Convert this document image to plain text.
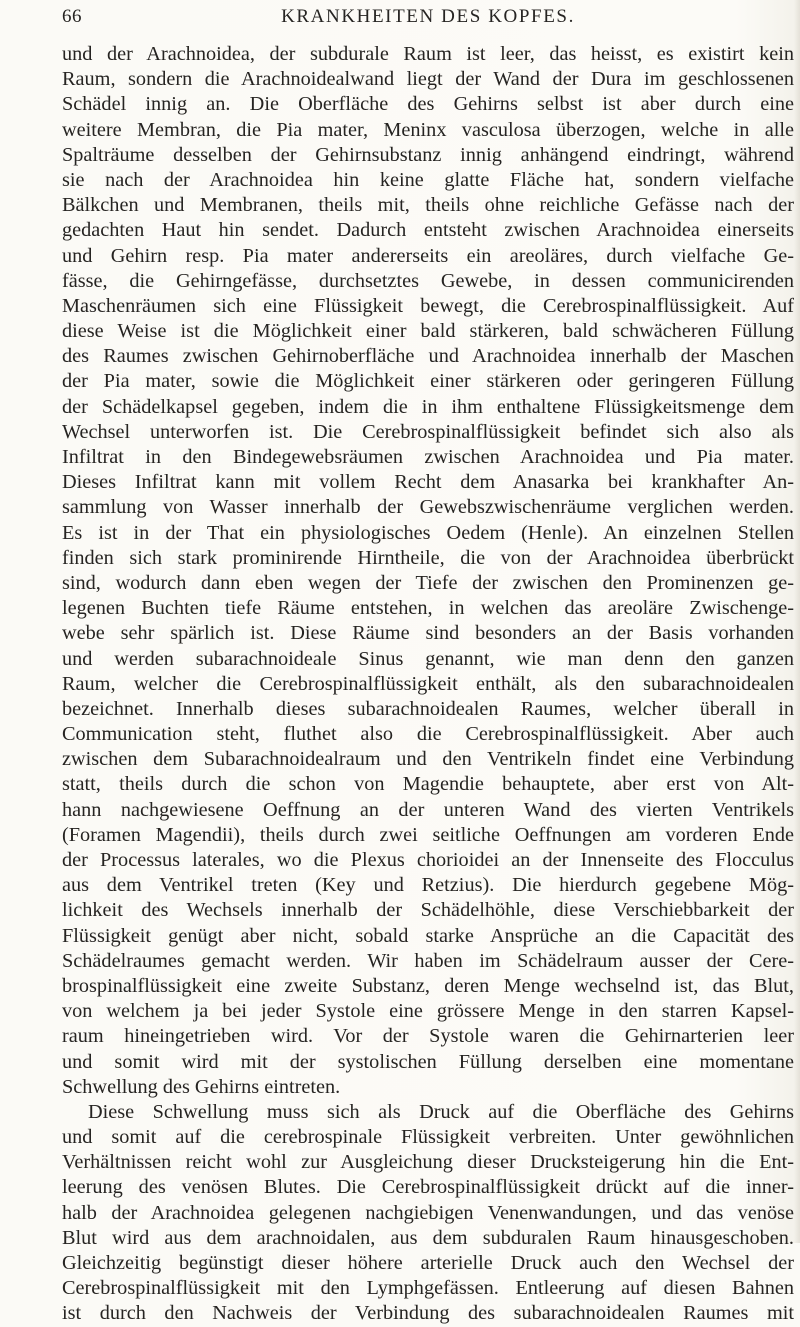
66	KRANKHEITEN DES KOPFES.
und der Arachnoidea, der subdurale Raum ist leer, das heisst, es existirt kein
Raum, sondern die Arachnoidealwand liegt der Wand der Dura im geschlossenen
Schädel innig an. Die Oberfläche des Gehirns selbst ist aber durch eine
weitere Membran, die Pia mater, Meninx vasculosa überzogen, welche in alle
Spalträume desselben der Gehirnsubstanz innig anhängend eindringt, während
sie nach der Arachnoidea hin keine glatte Fläche hat, sondern vielfache
Bälkchen und Membranen, theils mit, theils ohne reichliche Gefässe nach der
gedachten Haut hin sendet. Dadurch entsteht zwischen Arachnoidea einerseits
und Gehirn resp. Pia mater andererseits ein areoläres, durch vielfache Ge-
fässe, die Gehirngefässe, durchsetztes Gewebe, in dessen communicirenden
Maschenräumen sich eine Flüssigkeit bewegt, die Cerebrospinalflüssigkeit. Auf
diese Weise ist die Möglichkeit einer bald stärkeren, bald schwächeren Füllung
des Raumes zwischen Gehirnoberfläche und Arachnoidea innerhalb der Maschen
der Pia mater, sowie die Möglichkeit einer stärkeren oder geringeren Füllung
der Schädelkapsel gegeben, indem die in ihm enthaltene Flüssigkeitsmenge dem
Wechsel unterworfen ist. Die Cerebrospinalflüssigkeit befindet sich also als
Infiltrat in den Bindegewebsräumen zwischen Arachnoidea und Pia mater.
Dieses Infiltrat kann mit vollem Recht dem Anasarka bei krankhafter An-
sammlung von Wasser innerhalb der Gewebszwischenräume verglichen werden.
Es ist in der That ein physiologisches Oedem (Henle). An einzelnen Stellen
finden sich stark prominirende Hirntheile, die von der Arachnoidea überbrückt
sind, wodurch dann eben wegen der Tiefe der zwischen den Prominenzen ge-
legenen Buchten tiefe Räume entstehen, in welchen das areoläre Zwischenge-
webe sehr spärlich ist. Diese Räume sind besonders an der Basis vorhanden
und werden subarachnoideale Sinus genannt, wie man denn den ganzen
Raum, welcher die Cerebrospinalflüssigkeit enthält, als den subarachnoidealen
bezeichnet. Innerhalb dieses subarachnoidealen Raumes, welcher überall in
Communication steht, fluthet also die Cerebrospinalflüssigkeit. Aber auch
zwischen dem Subarachnoidealraum und den Ventrikeln findet eine Verbindung
statt, theils durch die schon von Magendie behauptete, aber erst von Alt-
hann nachgewiesene Oeffnung an der unteren Wand des vierten Ventrikels
(Foramen Magendii), theils durch zwei seitliche Oeffnungen am vorderen Ende
der Processus laterales, wo die Plexus chorioidei an der Innenseite des Flocculus
aus dem Ventrikel treten (Key und Retzius). Die hierdurch gegebene Mög-
lichkeit des Wechsels innerhalb der Schädelhöhle, diese Verschiebbarkeit der
Flüssigkeit genügt aber nicht, sobald starke Ansprüche an die Capacität des
Schädelraumes gemacht werden. Wir haben im Schädelraum ausser der Cere-
brospinalflüssigkeit eine zweite Substanz, deren Menge wechselnd ist, das Blut,
von welchem ja bei jeder Systole eine grössere Menge in den starren Kapsel-
raum hineingetrieben wird. Vor der Systole waren die Gehirnarterien leer
und somit wird mit der systolischen Füllung derselben eine momentane
Schwellung des Gehirns eintreten.
Diese Schwellung muss sich als Druck auf die Oberfläche des Gehirns
und somit auf die cerebrospinale Flüssigkeit verbreiten. Unter gewöhnlichen
Verhältnissen reicht wohl zur Ausgleichung dieser Drucksteigerung hin die Ent-
leerung des venösen Blutes. Die Cerebrospinalflüssigkeit drückt auf die inner-
halb der Arachnoidea gelegenen nachgiebigen Venenwandungen, und das venöse
Blut wird aus dem arachnoidalen, aus dem subduralen Raum hinausgeschoben.
Gleichzeitig begünstigt dieser höhere arterielle Druck auch den Wechsel der
Cerebrospinalflüssigkeit mit den Lymphgefässen. Entleerung auf diesen Bahnen
ist durch den Nachweis der Verbindung des subarachnoidealen Raumes mit
